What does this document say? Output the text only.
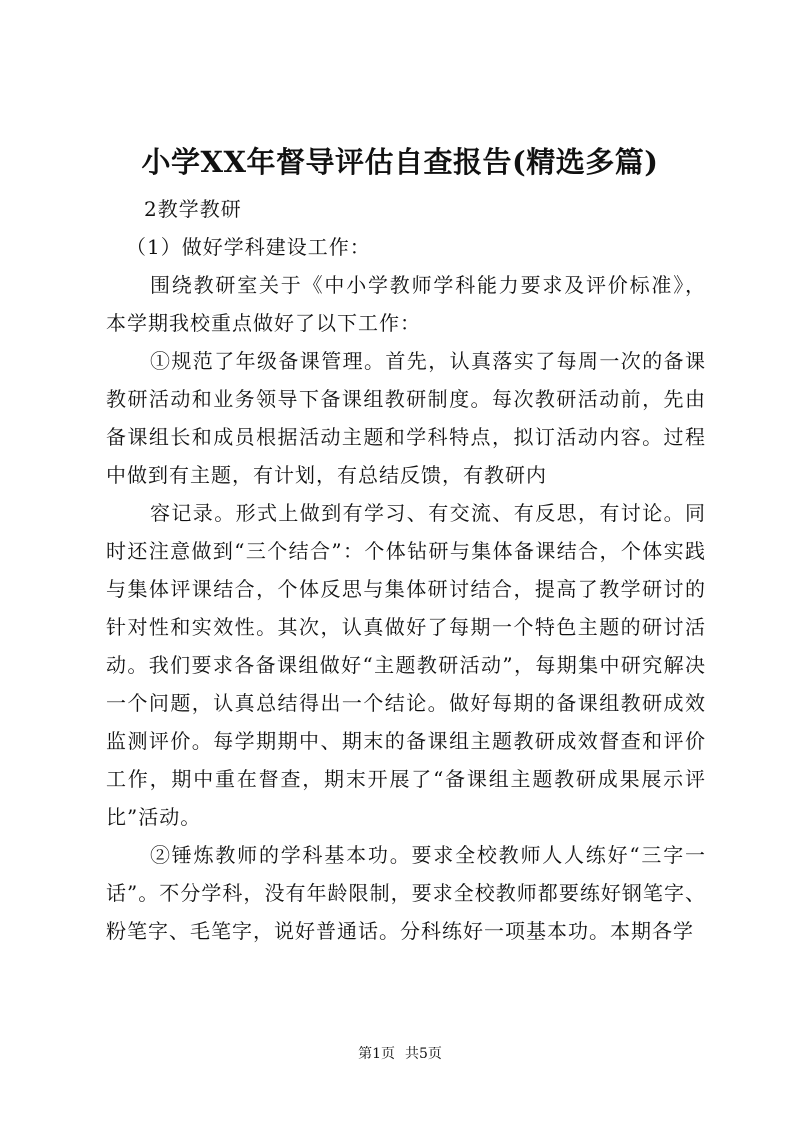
小学XX年督导评估自查报告(精选多篇)

2教学教研

（1）做好学科建设工作：

围绕教研室关于《中小学教师学科能力要求及评价标准》，本学期我校重点做好了以下工作：

①规范了年级备课管理。首先，认真落实了每周一次的备课教研活动和业务领导下备课组教研制度。每次教研活动前，先由备课组长和成员根据活动主题和学科特点，拟订活动内容。过程中做到有主题，有计划，有总结反馈，有教研内

容记录。形式上做到有学习、有交流、有反思，有讨论。同时还注意做到“三个结合”：个体钻研与集体备课结合，个体实践与集体评课结合，个体反思与集体研讨结合，提高了教学研讨的针对性和实效性。其次，认真做好了每期一个特色主题的研讨活动。我们要求各备课组做好“主题教研活动”，每期集中研究解决一个问题，认真总结得出一个结论。做好每期的备课组教研成效监测评价。每学期期中、期末的备课组主题教研成效督查和评价工作，期中重在督查，期末开展了“备课组主题教研成果展示评比”活动。

②锤炼教师的学科基本功。要求全校教师人人练好“三字一话”。不分学科，没有年龄限制，要求全校教师都要练好钢笔字、粉笔字、毛笔字，说好普通话。分科练好一项基本功。本期各学

第1页 共5页
